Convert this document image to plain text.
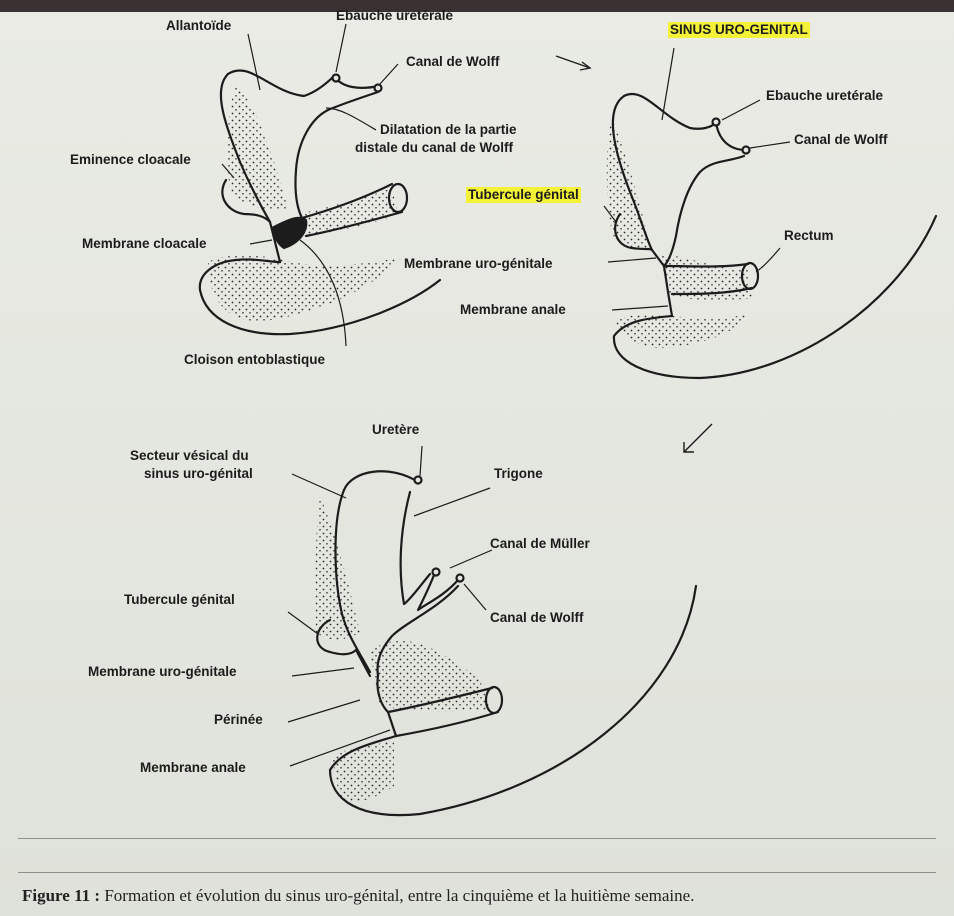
Allantoïde
Ebauche uretérale
Canal de Wolff
Dilatation de la partie
distale du canal de Wolff
Eminence cloacale
Membrane cloacale
Cloison entoblastique
SINUS URO-GENITAL
Ebauche uretérale
Canal de Wolff
Tubercule génital
Rectum
Membrane uro-génitale
Membrane anale
Uretère
Secteur vésical du
sinus uro-génital	Trigone
Canal de Müller
Canal de Wolff
Tubercule génital
Membrane uro-génitale
Périnée
Membrane anale
Figure 11 : Formation et évolution du sinus uro-génital, entre la cinquième et la huitième semaine.
